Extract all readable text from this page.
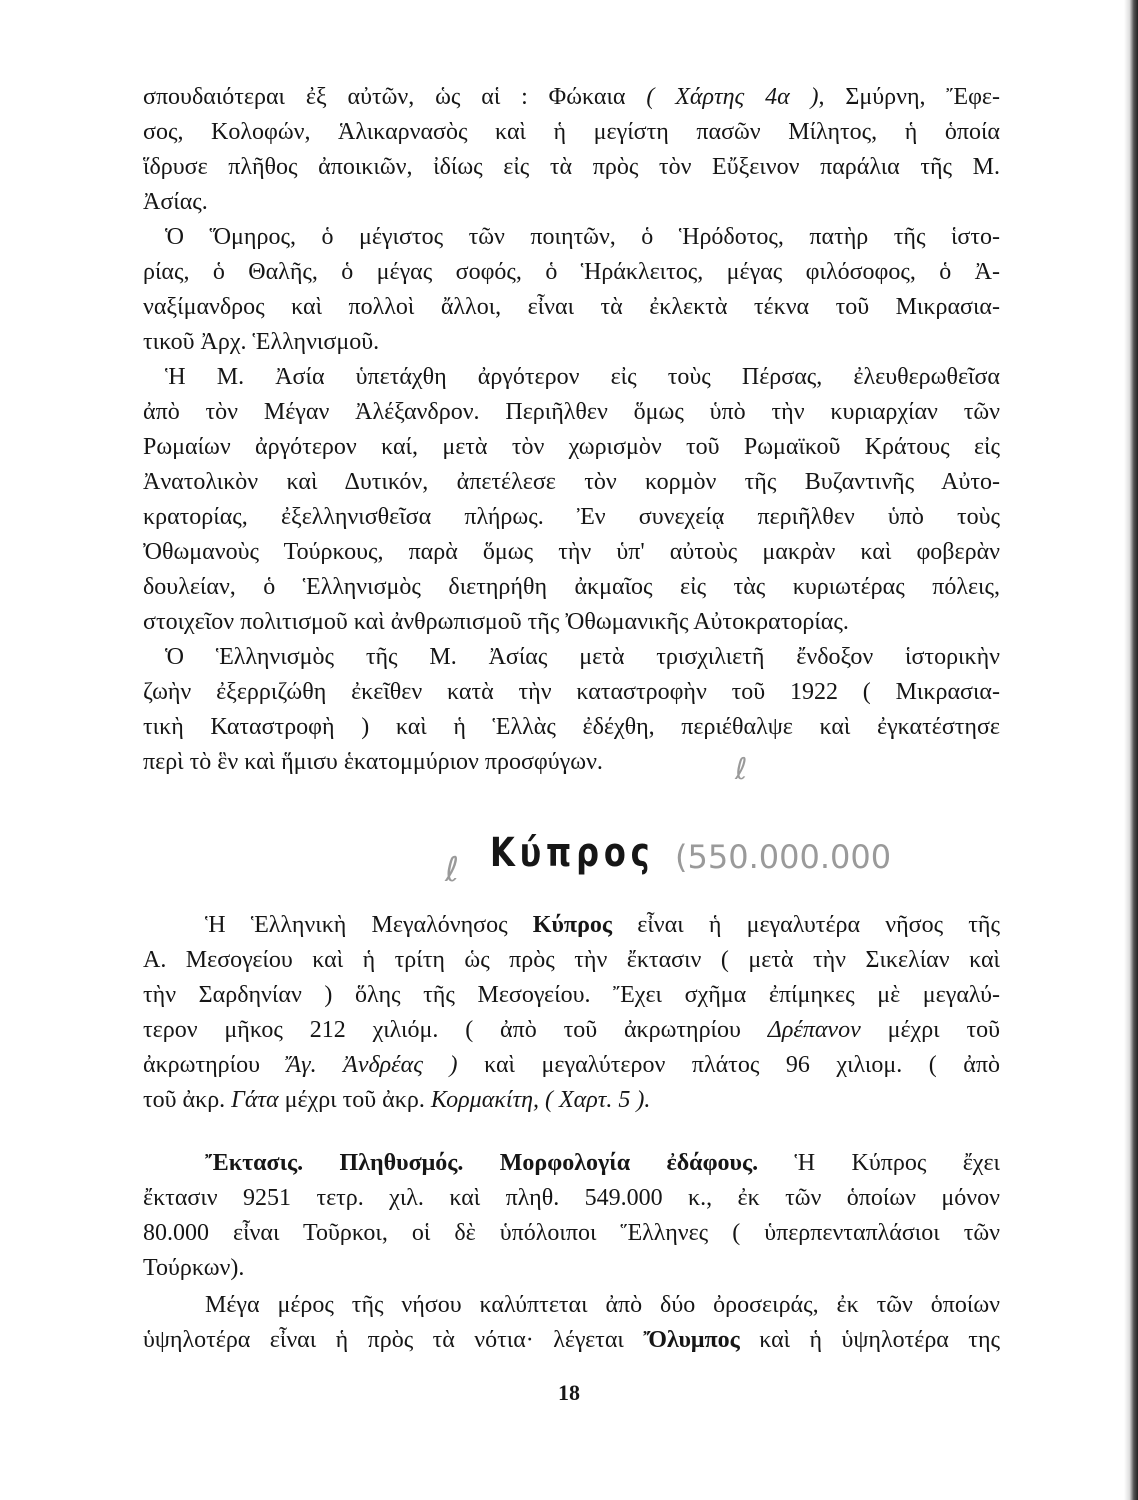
σπουδαιότεραι ἐξ αὐτῶν, ὡς αἱ : Φώκαια ( Χάρτης 4α ), Σμύρνη, Ἔφε-
σος, Κολοφών, Ἁλικαρνασὸς καὶ ἡ μεγίστη πασῶν Μίλητος, ἡ ὁποία
ἵδρυσε πλῆθος ἀποικιῶν, ἰδίως εἰς τὰ πρὸς τὸν Εὔξεινον παράλια τῆς Μ.
Ἀσίας.
Ὁ Ὅμηρος, ὁ μέγιστος τῶν ποιητῶν, ὁ Ἡρόδοτος, πατὴρ τῆς ἱστο-
ρίας, ὁ Θαλῆς, ὁ μέγας σοφός, ὁ Ἡράκλειτος, μέγας φιλόσοφος, ὁ Ἀ-
ναξίμανδρος καὶ πολλοὶ ἄλλοι, εἶναι τὰ ἐκλεκτὰ τέκνα τοῦ Μικρασια-
τικοῦ Ἀρχ. Ἑλληνισμοῦ.
Ἡ Μ. Ἀσία ὑπετάχθη ἀργότερον εἰς τοὺς Πέρσας, ἐλευθερωθεῖσα
ἀπὸ τὸν Μέγαν Ἀλέξανδρον. Περιῆλθεν ὅμως ὑπὸ τὴν κυριαρχίαν τῶν
Ρωμαίων ἀργότερον καί, μετὰ τὸν χωρισμὸν τοῦ Ρωμαϊκοῦ Κράτους εἰς
Ἀνατολικὸν καὶ Δυτικόν, ἀπετέλεσε τὸν κορμὸν τῆς Βυζαντινῆς Αὐτο-
κρατορίας, ἐξελληνισθεῖσα πλήρως. Ἐν συνεχείᾳ περιῆλθεν ὑπὸ τοὺς
Ὀθωμανοὺς Τούρκους, παρὰ ὅμως τὴν ὑπ' αὐτοὺς μακρὰν καὶ φοβερὰν
δουλείαν, ὁ Ἑλληνισμὸς διετηρήθη ἀκμαῖος εἰς τὰς κυριωτέρας πόλεις,
στοιχεῖον πολιτισμοῦ καὶ ἀνθρωπισμοῦ τῆς Ὀθωμανικῆς Αὐτοκρατορίας.
Ὁ Ἑλληνισμὸς τῆς Μ. Ἀσίας μετὰ τρισχιλιετῆ ἔνδοξον ἱστορικὴν
ζωὴν ἐξερριζώθη ἐκεῖθεν κατὰ τὴν καταστροφὴν τοῦ 1922 ( Μικρασια-
τικὴ Καταστροφὴ ) καὶ ἡ Ἑλλὰς ἐδέχθη, περιέθαλψε καὶ ἐγκατέστησε
περὶ τὸ ἓν καὶ ἥμισυ ἑκατομμύριον προσφύγων.	ℓ
ℓ Κύπρος (550.000.000
Ἡ Ἑλληνικὴ Μεγαλόνησος Κύπρος εἶναι ἡ μεγαλυτέρα νῆσος τῆς
Α. Μεσογείου καὶ ἡ τρίτη ὡς πρὸς τὴν ἔκτασιν ( μετὰ τὴν Σικελίαν καὶ
τὴν Σαρδηνίαν ) ὅλης τῆς Μεσογείου. Ἔχει σχῆμα ἐπίμηκες μὲ μεγαλύ-
τερον μῆκος 212 χιλιόμ. ( ἀπὸ τοῦ ἀκρωτηρίου Δρέπανον μέχρι τοῦ
ἀκρωτηρίου Ἄγ. Ἀνδρέας ) καὶ μεγαλύτερον πλάτος 96 χιλιομ. ( ἀπὸ
τοῦ ἀκρ. Γάτα μέχρι τοῦ ἀκρ. Κορμακίτη, ( Χαρτ. 5 ).
Ἔκτασις. Πληθυσμός. Μορφολογία ἐδάφους. Ἡ Κύπρος ἔχει
ἔκτασιν 9251 τετρ. χιλ. καὶ πληθ. 549.000 κ., ἐκ τῶν ὁποίων μόνον
80.000 εἶναι Τοῦρκοι, οἱ δὲ ὑπόλοιποι Ἕλληνες ( ὑπερπενταπλάσιοι τῶν
Τούρκων).
Μέγα μέρος τῆς νήσου καλύπτεται ἀπὸ δύο ὀροσειράς, ἐκ τῶν ὁποίων
ὑψηλοτέρα εἶναι ἡ πρὸς τὰ νότια· λέγεται Ὄλυμπος καὶ ἡ ὑψηλοτέρα της
18
